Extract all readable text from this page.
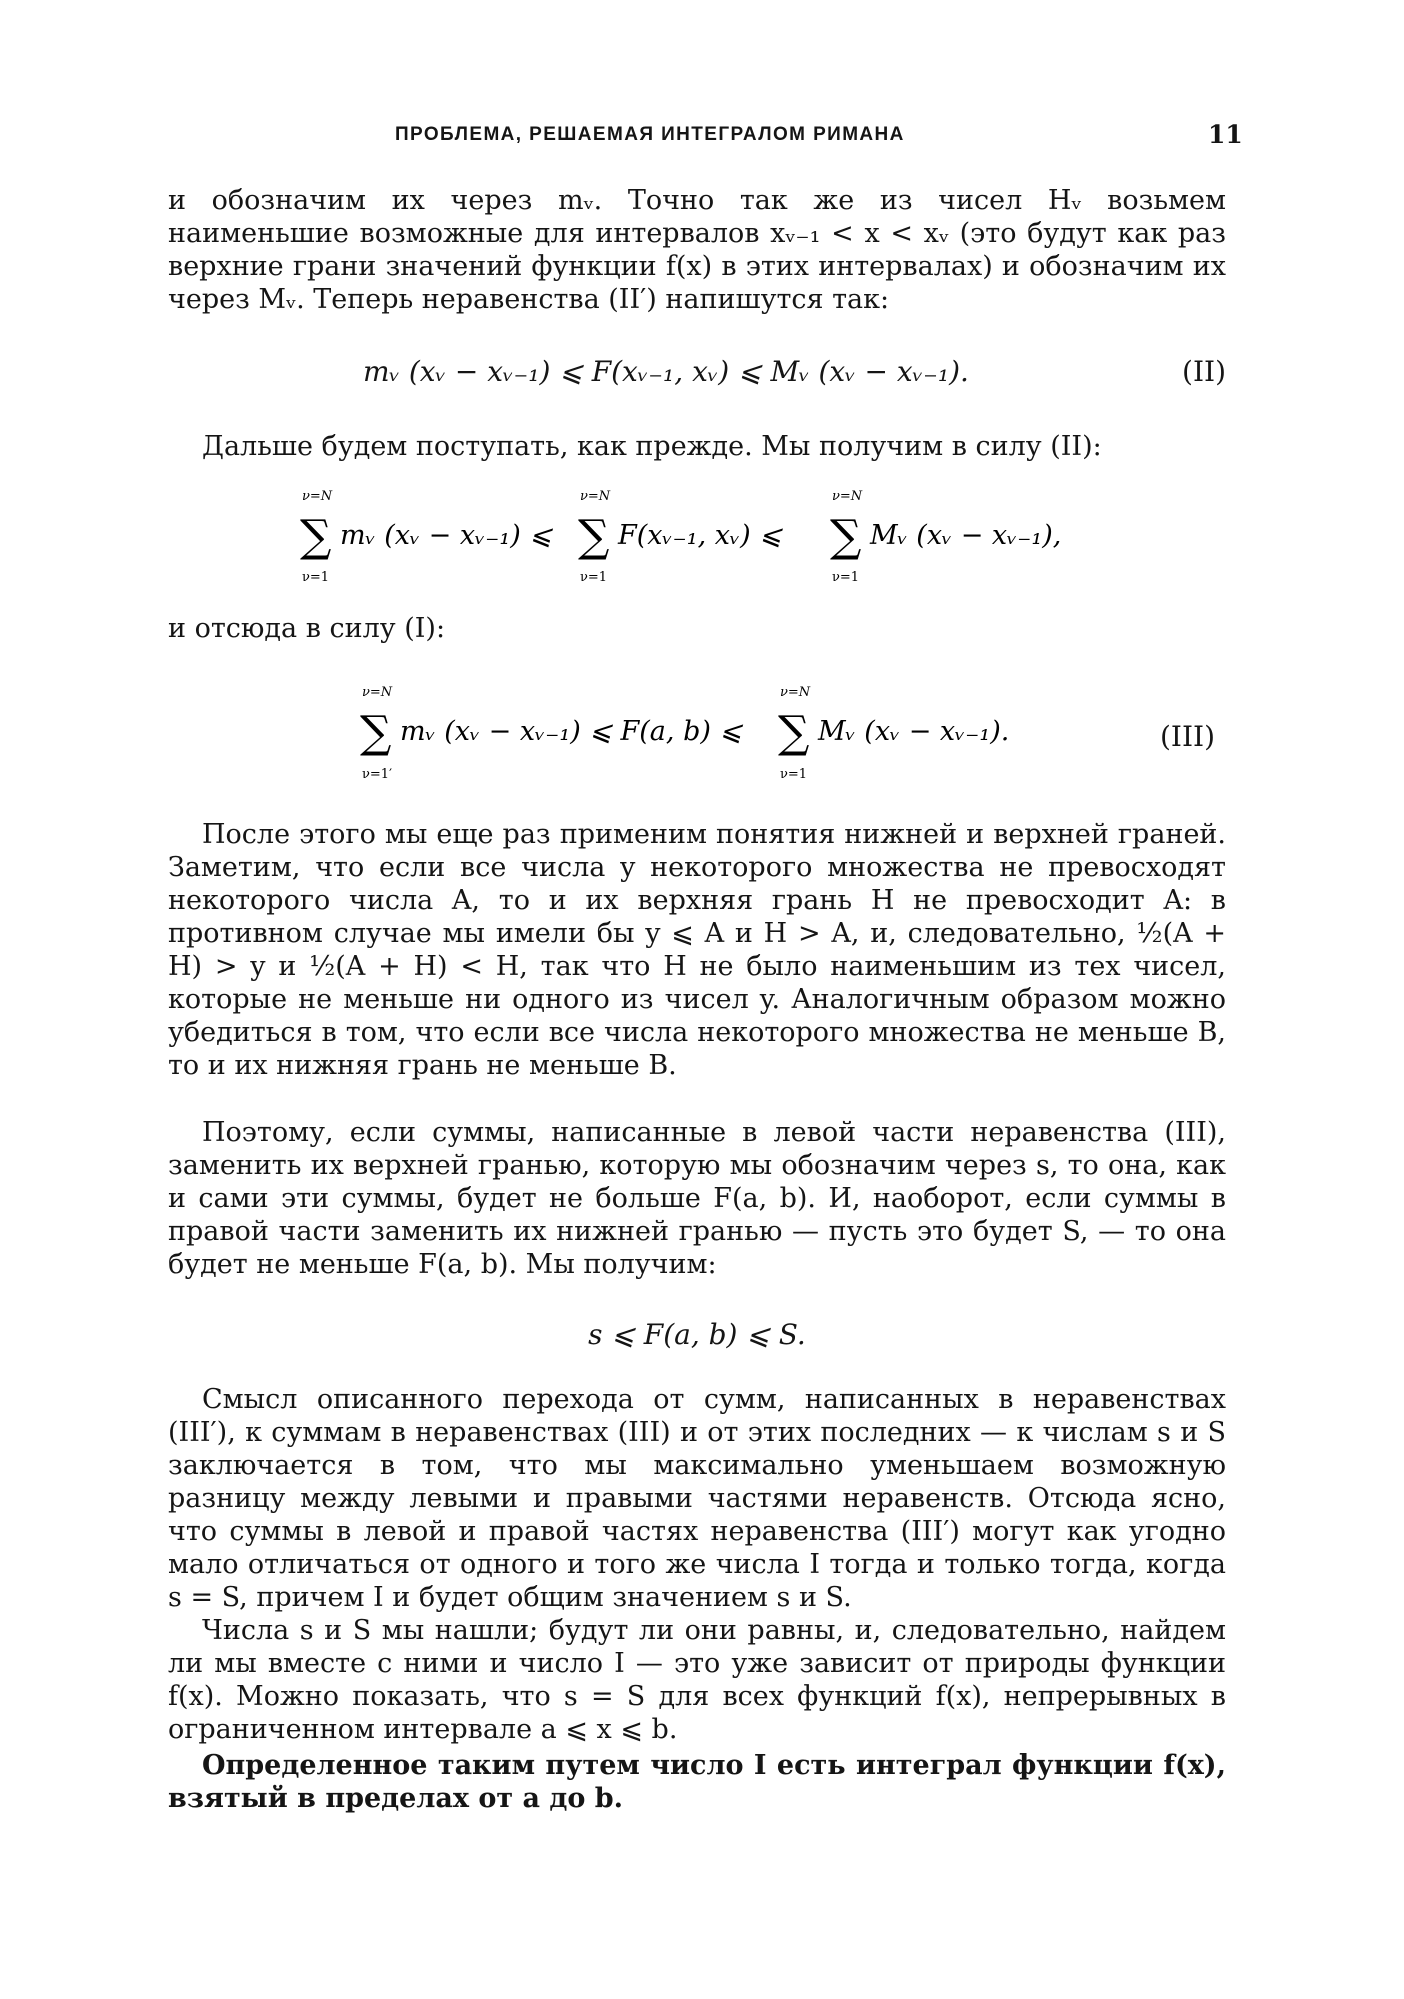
ПРОБЛЕМА, РЕШАЕМАЯ ИНТЕГРАЛОМ РИМАНА	11
и обозначим их через mᵥ. Точно так же из чисел Hᵥ возьмем наименьшие возможные для интервалов xᵥ₋₁ < x < xᵥ (это будут как раз верхние грани значений функции f(x) в этих интервалах) и обозначим их через Mᵥ. Теперь неравенства (II′) напишутся так:
mᵥ (xᵥ − xᵥ₋₁) ⩽ F(xᵥ₋₁, xᵥ) ⩽ Mᵥ (xᵥ − xᵥ₋₁).	(II)
Дальше будем поступать, как прежде. Мы получим в силу (II):
ν=N
∑
ν=1
mᵥ (xᵥ − xᵥ₋₁) ⩽
ν=N
∑
ν=1
F(xᵥ₋₁, xᵥ) ⩽
ν=N
∑
ν=1
Mᵥ (xᵥ − xᵥ₋₁),
и отсюда в силу (I):
ν=N
∑
ν=1′
mᵥ (xᵥ − xᵥ₋₁) ⩽ F(a, b) ⩽
ν=N
∑
ν=1
Mᵥ (xᵥ − xᵥ₋₁).	(III)
После этого мы еще раз применим понятия нижней и верхней граней. Заметим, что если все числа y некоторого множества не превосходят некоторого числа A, то и их верхняя грань H не превосходит A: в противном случае мы имели бы y ⩽ A и H > A, и, следовательно, ½(A + H) > y и ½(A + H) < H, так что H не было наименьшим из тех чисел, которые не меньше ни одного из чисел y. Аналогичным образом можно убедиться в том, что если все числа некоторого множества не меньше B, то и их нижняя грань не меньше B.
Поэтому, если суммы, написанные в левой части неравенства (III), заменить их верхней гранью, которую мы обозначим через s, то она, как и сами эти суммы, будет не больше F(a, b). И, наоборот, если суммы в правой части заменить их нижней гранью — пусть это будет S, — то она будет не меньше F(a, b). Мы получим:
s ⩽ F(a, b) ⩽ S.
Смысл описанного перехода от сумм, написанных в неравенствах (III′), к суммам в неравенствах (III) и от этих последних — к числам s и S заключается в том, что мы максимально уменьшаем возможную разницу между левыми и правыми частями неравенств. Отсюда ясно, что суммы в левой и правой частях неравенства (III′) могут как угодно мало отличаться от одного и того же числа I тогда и только тогда, когда s = S, причем I и будет общим значением s и S.
Числа s и S мы нашли; будут ли они равны, и, следовательно, найдем ли мы вместе с ними и число I — это уже зависит от природы функции f(x). Можно показать, что s = S для всех функций f(x), непрерывных в ограниченном интервале a ⩽ x ⩽ b.
Определенное таким путем число I есть интеграл функции f(x), взятый в пределах от a до b.
